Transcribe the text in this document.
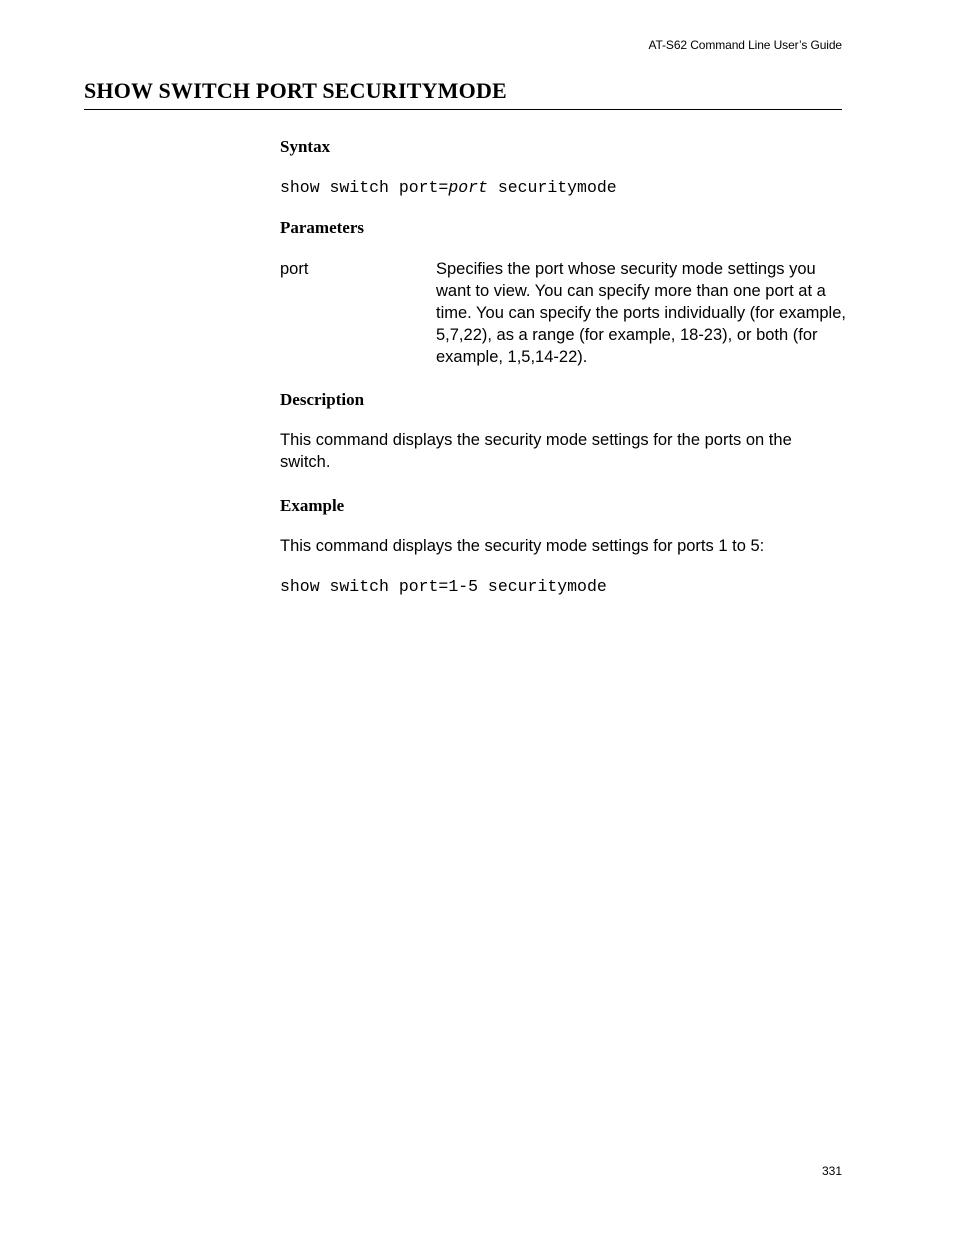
AT-S62 Command Line User’s Guide
SHOW SWITCH PORT SECURITYMODE
Syntax
show switch port=port securitymode
Parameters
port	Specifies the port whose security mode settings you want to view. You can specify more than one port at a time. You can specify the ports individually (for example, 5,7,22), as a range (for example, 18-23), or both (for example, 1,5,14-22).

Description

This command displays the security mode settings for the ports on the switch.

Example

This command displays the security mode settings for ports 1 to 5:

show switch port=1-5 securitymode
331
